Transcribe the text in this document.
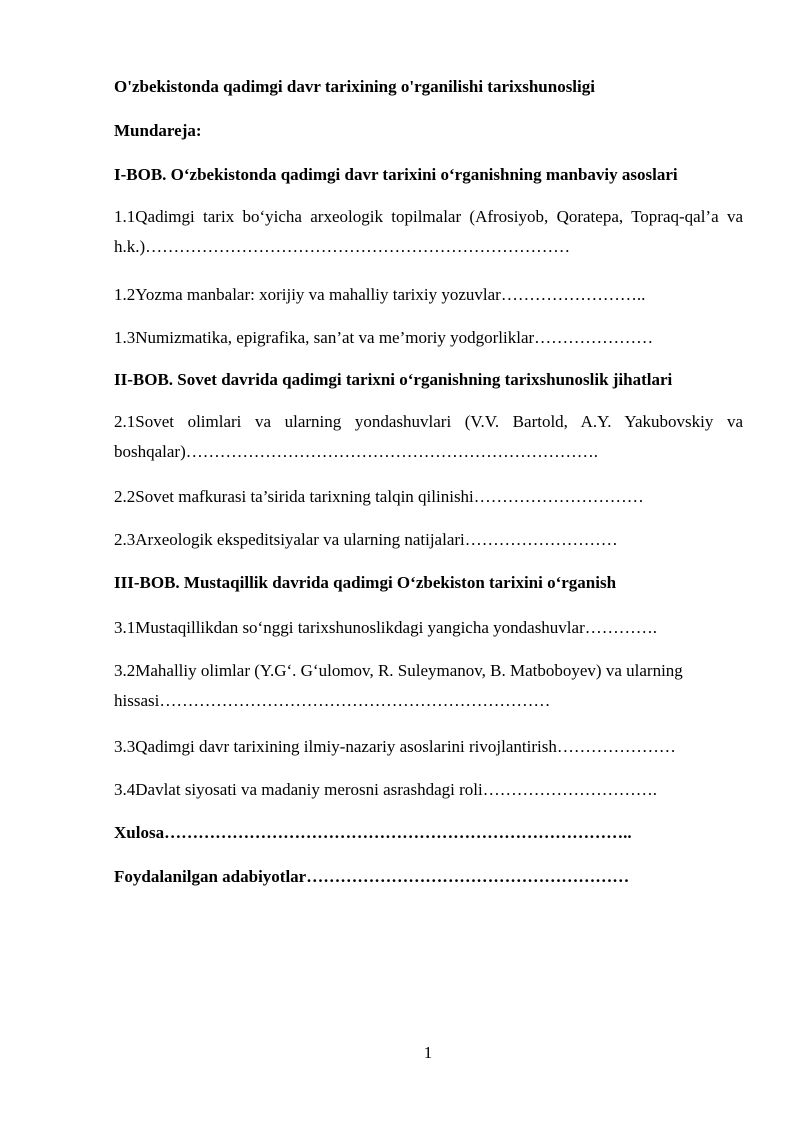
O'zbekistonda qadimgi davr tarixining o'rganilishi tarixshunosligi
Mundareja:
I-BOB. O‘zbekistonda qadimgi davr tarixini o‘rganishning manbaviy asoslari
1.1Qadimgi tarix bo‘yicha arxeologik topilmalar (Afrosiyob, Qoratepa, Topraq-qal’a va h.k.)…………………………………………………………………
1.2Yozma manbalar: xorijiy va mahalliy tarixiy yozuvlar……………………..
1.3Numizmatika, epigrafika, san’at va me’moriy yodgorliklar…………………
II-BOB. Sovet davrida qadimgi tarixni o‘rganishning tarixshunoslik jihatlari
2.1Sovet olimlari va ularning yondashuvlari (V.V. Bartold, A.Y. Yakubovskiy va boshqalar)……………………………………………………………….
2.2Sovet mafkurasi ta’sirida tarixning talqin qilinishi…………………………
2.3Arxeologik ekspeditsiyalar va ularning natijalari………………………
III-BOB. Mustaqillik davrida qadimgi O‘zbekiston tarixini o‘rganish
3.1Mustaqillikdan so‘nggi tarixshunoslikdagi yangicha yondashuvlar………….
3.2Mahalliy olimlar (Y.G‘. G‘ulomov, R. Suleymanov, B. Matboboyev) va ularning hissasi……………………………………………………………
3.3Qadimgi davr tarixining ilmiy-nazariy asoslarini rivojlantirish…………………
3.4Davlat siyosati va madaniy merosni asrashdagi roli………………………….
Xulosa………………………………………………………………………..
Foydalanilgan adabiyotlar…………………………………………………
1
